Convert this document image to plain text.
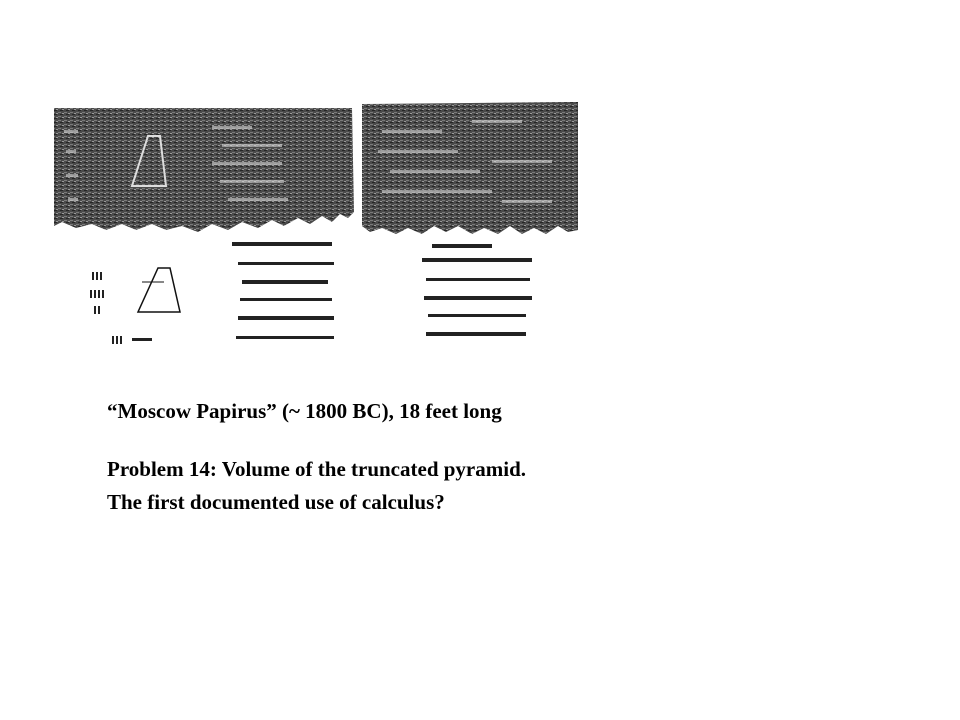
“Moscow Papirus” (~ 1800 BC), 18 feet long
Problem 14: Volume of the truncated pyramid.
The first documented use of calculus?
